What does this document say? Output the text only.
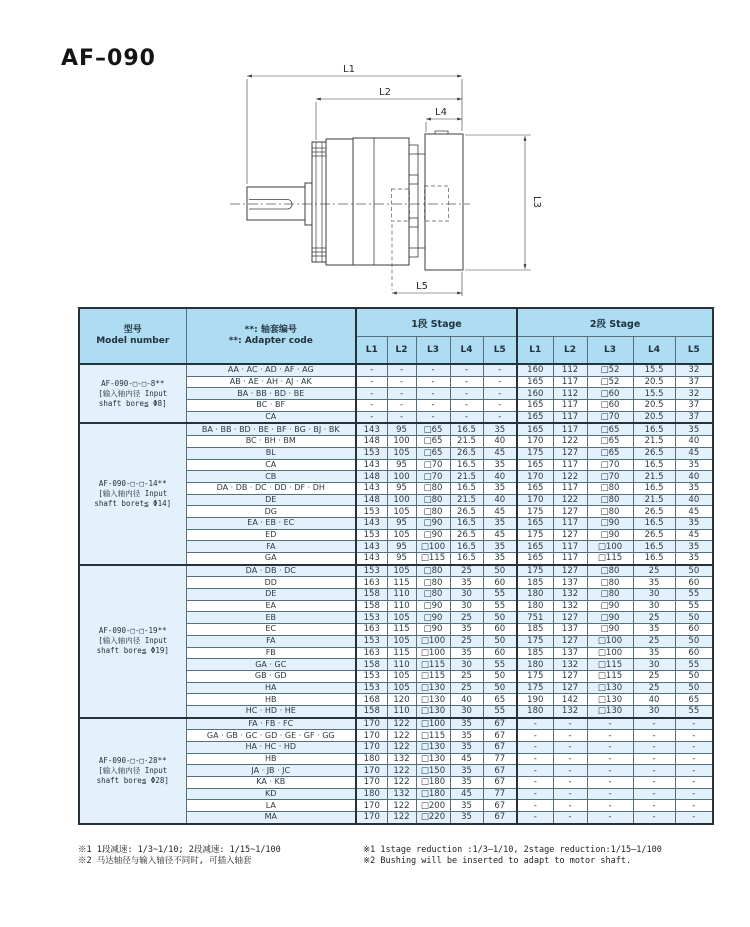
AF–090	L1
L2
L4
L3
L5
型号
Model number

**: 轴套编号
**: Adapter code
	1段 Stage	2段 Stage
		L1	L2	L3	L4	L5	L1	L2	L3	L4	L5

AF-090-□-□-8**
[输入轴内径 Input
shaft bore≦ Φ8]	AA · AC · AD · AF · AG	-	-	-	-	-	160	112	□52	15.5	32
	AB · AE · AH · AJ · AK	-	-	-	-	-	165	117	□52	20.5	37
	BA · BB · BD · BE	-	-	-	-	-	160	112	□60	15.5	32
	BC · BF	-	-	-	-	-	165	117	□60	20.5	37
	CA	-	-	-	-	-	165	117	□70	20.5	37

AF-090-□-□-14**
[输入轴内径 Input
shaft boret≦ Φ14]	BA · BB · BD · BE · BF · BG · BJ · BK	143	95	□65	16.5	35	165	117	□65	16.5	35
	BC · BH · BM	148	100	□65	21.5	40	170	122	□65	21.5	40
	BL	153	105	□65	26.5	45	175	127	□65	26.5	45
	CA	143	95	□70	16.5	35	165	117	□70	16.5	35
	CB	148	100	□70	21.5	40	170	122	□70	21.5	40
	DA · DB · DC · DD · DF · DH	143	95	□80	16.5	35	165	117	□80	16.5	35
	DE	148	100	□80	21.5	40	170	122	□80	21.5	40
	DG	153	105	□80	26.5	45	175	127	□80	26.5	45
	EA · EB · EC	143	95	□90	16.5	35	165	117	□90	16.5	35
	ED	153	105	□90	26.5	45	175	127	□90	26.5	45
	FA	143	95	□100	16.5	35	165	117	□100	16.5	35
	GA	143	95	□115	16.5	35	165	117	□115	16.5	35

AF-090-□-□-19**
[输入轴内径 Input
shaft bore≦ Φ19]	DA · DB · DC	153	105	□80	25	50	175	127	□80	25	50
	DD	163	115	□80	35	60	185	137	□80	35	60
	DE	158	110	□80	30	55	180	132	□80	30	55
	EA	158	110	□90	30	55	180	132	□90	30	55
	EB	153	105	□90	25	50	751	127	□90	25	50
	EC	163	115	□90	35	60	185	137	□90	35	60
	FA	153	105	□100	25	50	175	127	□100	25	50
	FB	163	115	□100	35	60	185	137	□100	35	60
	GA · GC	158	110	□115	30	55	180	132	□115	30	55
	GB · GD	153	105	□115	25	50	175	127	□115	25	50
	HA	153	105	□130	25	50	175	127	□130	25	50
	HB	168	120	□130	40	65	190	142	□130	40	65
	HC · HD · HE	158	110	□130	30	55	180	132	□130	30	55

AF-090-□-□-28**
[输入轴内径 Input
shaft bore≦ Φ28]	FA · FB · FC	170	122	□100	35	67	-	-	-	-	-
	GA · GB · GC · GD · GE · GF · GG	170	122	□115	35	67	-	-	-	-	-
	HA · HC · HD	170	122	□130	35	67	-	-	-	-	-
	HB	180	132	□130	45	77	-	-	-	-	-
	JA · JB · JC	170	122	□150	35	67	-	-	-	-	-
	KA · KB	170	122	□180	35	67	-	-	-	-	-
	KD	180	132	□180	45	77	-	-	-	-	-
	LA	170	122	□200	35	67	-	-	-	-	-
	MA	170	122	□220	35	67	-	-	-	-	-
※1 1段减速: 1/3~1/10; 2段减速: 1/15~1/100
※2 马达轴径与输入轴径不同时, 可插入轴套
※1 1stage reduction :1/3—1/10, 2stage reduction:1/15—1/100
※2 Bushing will be inserted to adapt to motor shaft.
